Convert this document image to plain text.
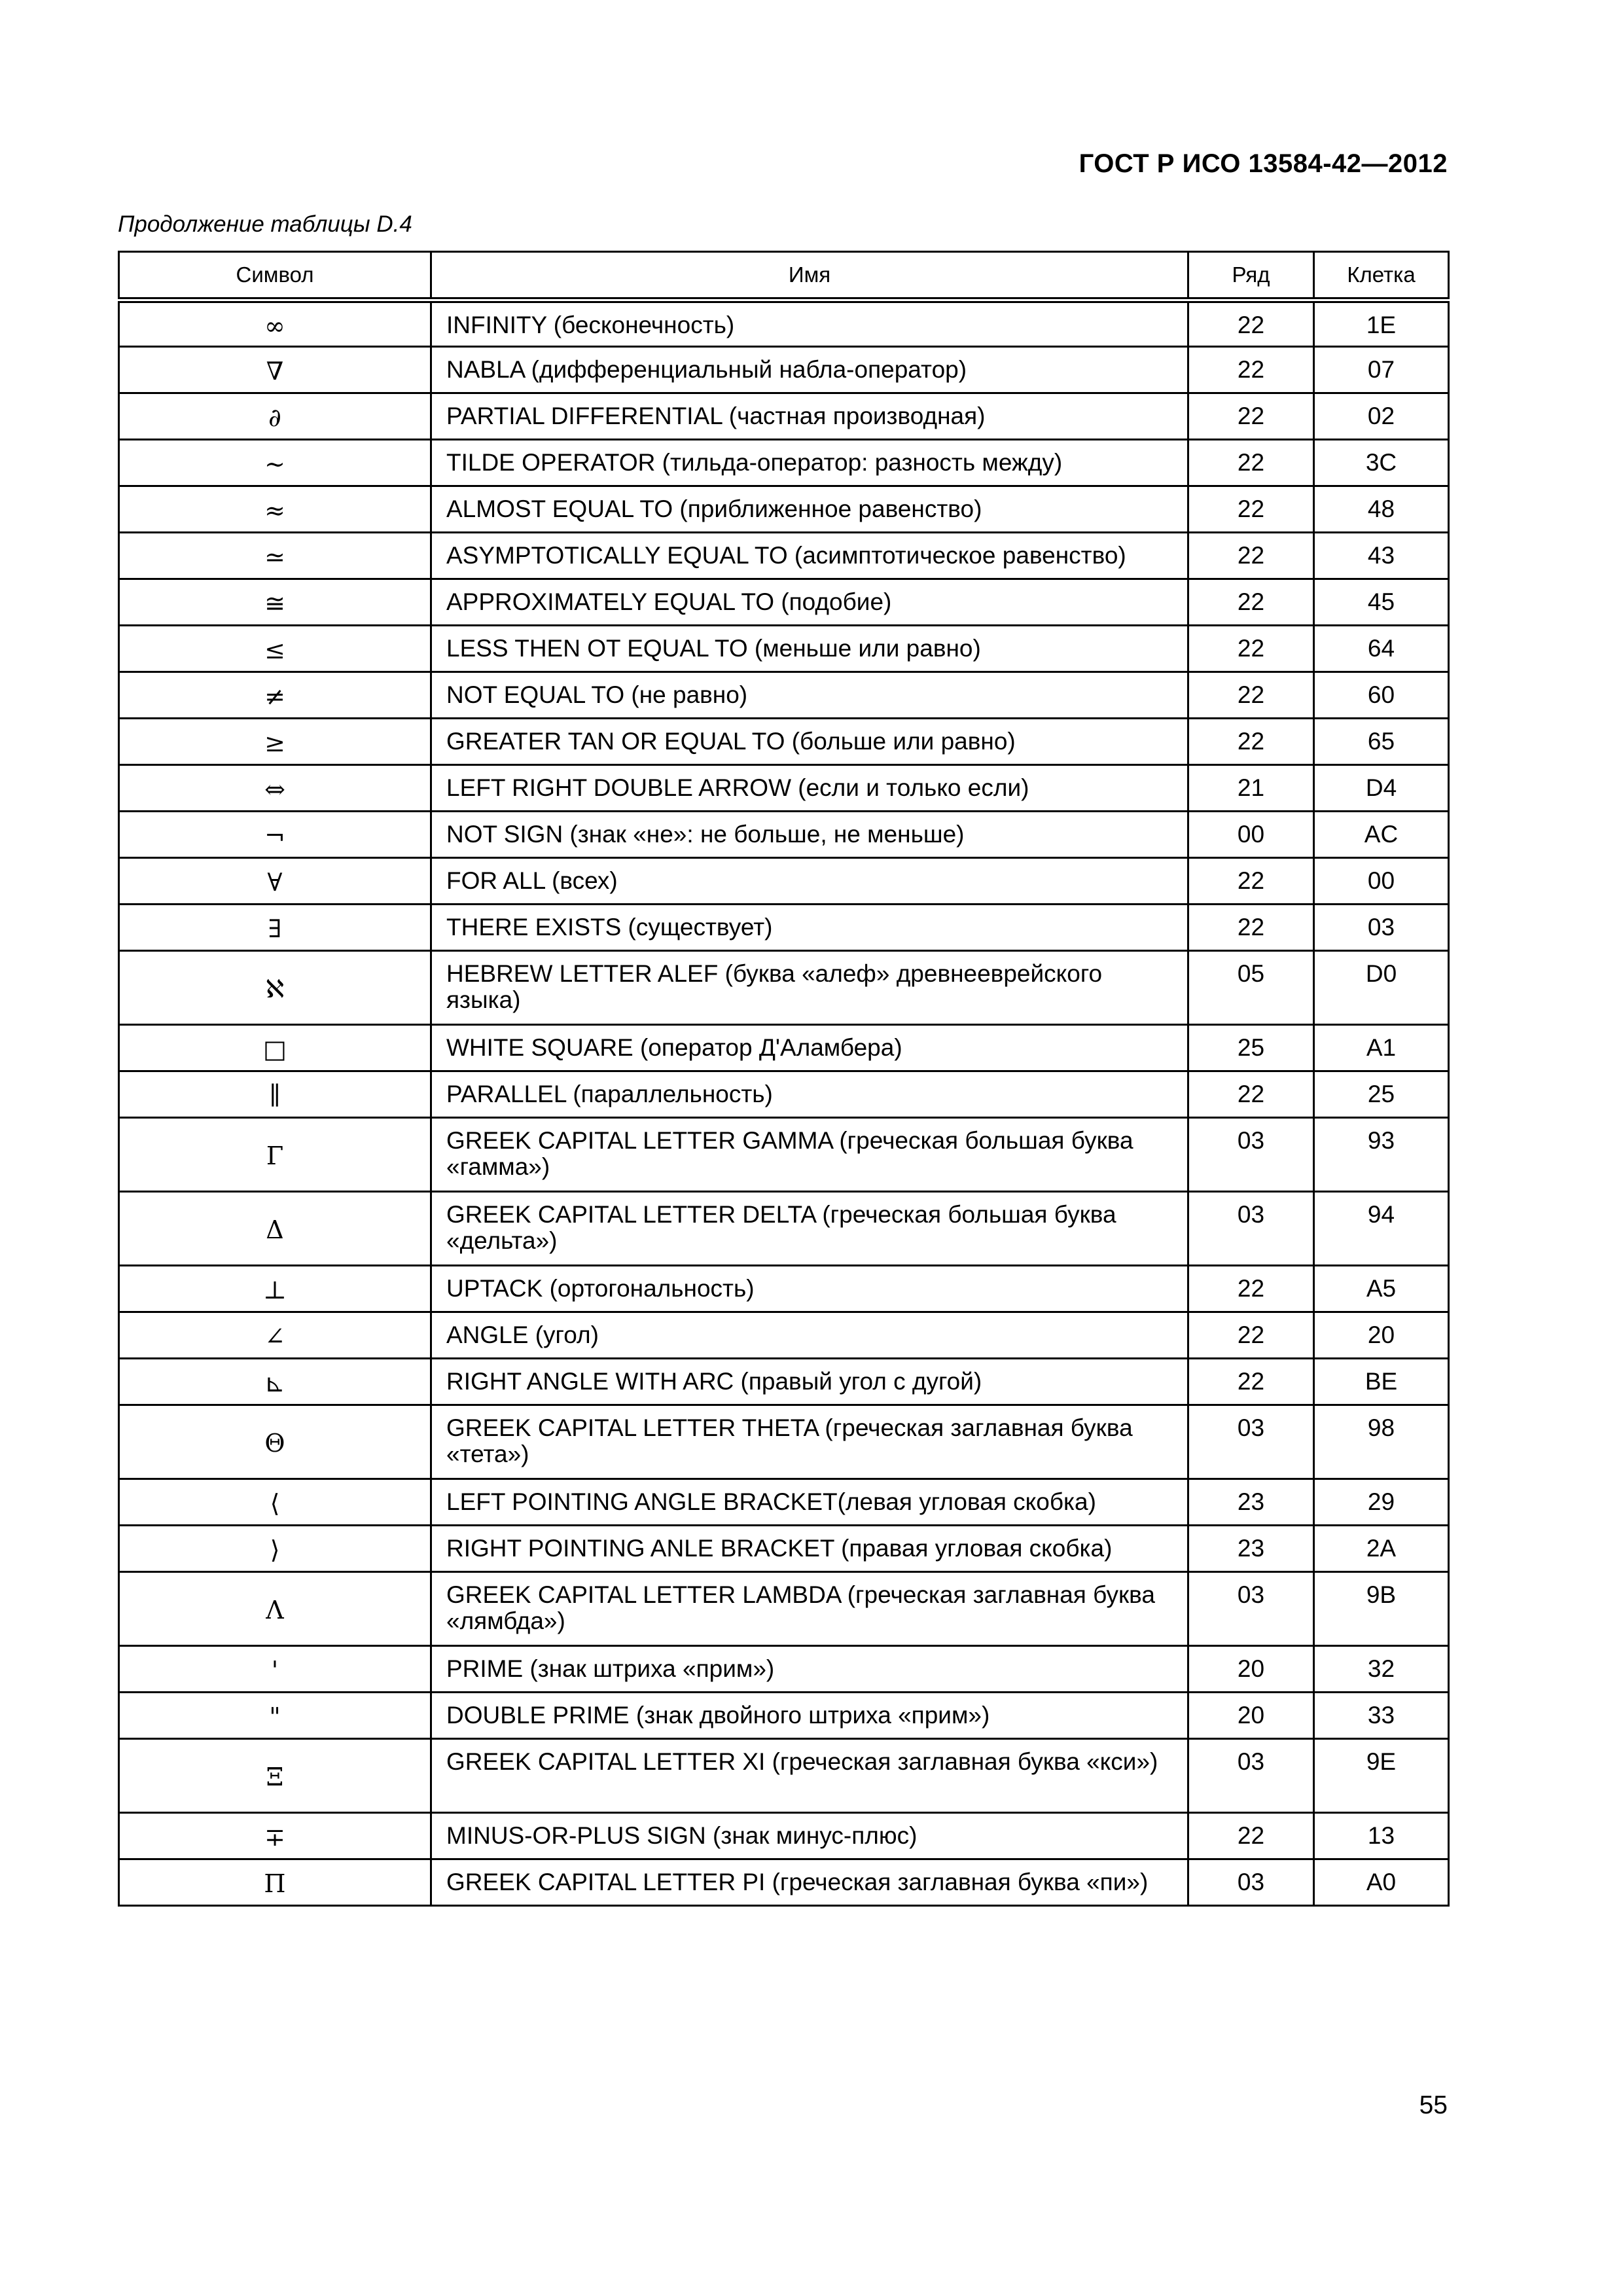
ГОСТ Р ИСО 13584-42—2012
Продолжение таблицы D.4
Символ	Имя	Ряд	Клетка
∞	INFINITY (бесконечность)	22	1E
∇	NABLA (дифференциальный набла-оператор)	22	07
∂	PARTIAL DIFFERENTIAL (частная производная)	22	02
∼	TILDE OPERATOR (тильда-оператор: разность между)	22	3C
≈	ALMOST EQUAL TO (приближенное равенство)	22	48
≃	ASYMPTOTICALLY EQUAL TO (асимптотическое равенство)	22	43
≅	APPROXIMATELY EQUAL TO (подобие)	22	45
≤	LESS THEN OT EQUAL TO (меньше или равно)	22	64
≠	NOT EQUAL TO (не равно)	22	60
≥	GREATER TAN OR EQUAL TO (больше или равно)	22	65
⇔	LEFT RIGHT DOUBLE ARROW (если и только если)	21	D4
¬	NOT SIGN (знак «не»: не больше, не меньше)	00	AC
∀	FOR ALL (всех)	22	00
∃	THERE EXISTS (существует)	22	03
ℵ	HEBREW LETTER ALEF (буква «алеф» древнееврейского языка)	05	D0
□	WHITE SQUARE (оператор Д'Аламбера)	25	A1
∥	PARALLEL (параллельность)	22	25
Γ	GREEK CAPITAL LETTER GAMMA (греческая большая буква «гамма»)	03	93
Δ	GREEK CAPITAL LETTER DELTA (греческая большая буква «дельта»)	03	94
⊥	UPTACK (ортогональность)	22	A5
∠	ANGLE (угол)	22	20
⊾	RIGHT ANGLE WITH ARC (правый угол с дугой)	22	BE
Θ	GREEK CAPITAL LETTER THETA (греческая заглавная буква «тета»)	03	98
⟨	LEFT POINTING ANGLE BRACKET(левая угловая скобка)	23	29
⟩	RIGHT POINTING ANLE BRACKET (правая угловая скобка)	23	2A
Λ	GREEK CAPITAL LETTER LAMBDA (греческая заглавная буква «лямбда»)	03	9B
'	PRIME (знак штриха «прим»)	20	32
"	DOUBLE PRIME (знак двойного штриха «прим»)	20	33
Ξ	GREEK CAPITAL LETTER XI (греческая заглавная буква «кси»)	03	9E
∓	MINUS-OR-PLUS SIGN (знак минус-плюс)	22	13
Π	GREEK CAPITAL LETTER PI (греческая заглавная буква «пи»)	03	A0
55
